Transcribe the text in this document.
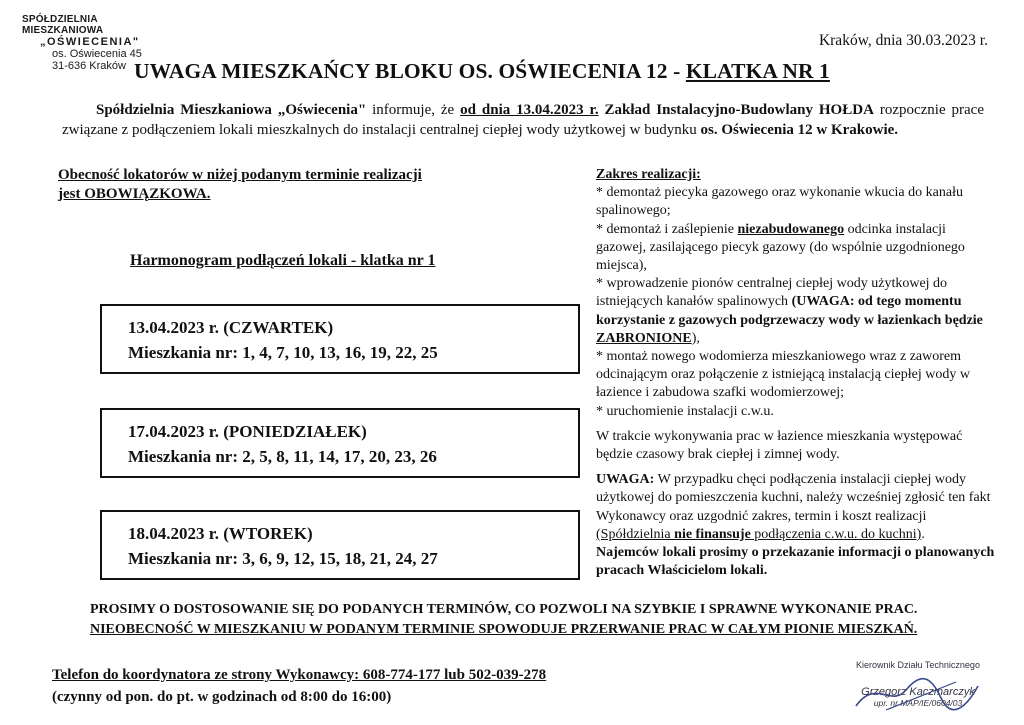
SPÓŁDZIELNIA MIESZKANIOWA
„OŚWIECENIA"
os. Oświecenia 45
31-636 Kraków
Kraków, dnia 30.03.2023 r.
UWAGA MIESZKAŃCY BLOKU OS. OŚWIECENIA 12 - KLATKA NR 1

Spółdzielnia Mieszkaniowa „Oświecenia" informuje, że od dnia 13.04.2023 r. Zakład Instalacyjno-Budowlany HOŁDA rozpocznie prace związane z podłączeniem lokali mieszkalnych do instalacji centralnej ciepłej wody użytkowej w budynku os. Oświecenia 12 w Krakowie.

Obecność lokatorów w niżej podanym terminie realizacji
jest OBOWIĄZKOWA.
Harmonogram podłączeń lokali - klatka nr 1
13.04.2023 r. (CZWARTEK)
Mieszkania nr: 1, 4, 7, 10, 13, 16, 19, 22, 25
17.04.2023 r. (PONIEDZIAŁEK)
Mieszkania nr: 2, 5, 8, 11, 14, 17, 20, 23, 26
18.04.2023 r. (WTOREK)
Mieszkania nr: 3, 6, 9, 12, 15, 18, 21, 24, 27

Zakres realizacji:

* demontaż piecyka gazowego oraz wykonanie wkucia do kanału spalinowego;

* demontaż i zaślepienie niezabudowanego odcinka instalacji gazowej, zasilającego piecyk gazowy (do wspólnie uzgodnionego miejsca),

* wprowadzenie pionów centralnej ciepłej wody użytkowej do istniejących kanałów spalinowych (UWAGA: od tego momentu korzystanie z gazowych podgrzewaczy wody w łazienkach będzie ZABRONIONE),

* montaż nowego wodomierza mieszkaniowego wraz z zaworem odcinającym oraz połączenie z istniejącą instalacją ciepłej wody w łazience i zabudowa szafki wodomierzowej;

* uruchomienie instalacji c.w.u.

W trakcie wykonywania prac w łazience mieszkania występować będzie czasowy brak ciepłej i zimnej wody.

UWAGA: W przypadku chęci podłączenia instalacji ciepłej wody użytkowej do pomieszczenia kuchni, należy wcześniej zgłosić ten fakt Wykonawcy oraz uzgodnić zakres, termin i koszt realizacji (Spółdzielnia nie finansuje podłączenia c.w.u. do kuchni).

Najemców lokali prosimy o przekazanie informacji o planowanych pracach Właścicielom lokali.

PROSIMY O DOSTOSOWANIE SIĘ DO PODANYCH TERMINÓW, CO POZWOLI NA SZYBKIE I SPRAWNE WYKONANIE PRAC.
NIEOBECNOŚĆ W MIESZKANIU W PODANYM TERMINIE SPOWODUJE PRZERWANIE PRAC W CAŁYM PIONIE MIESZKAŃ.
Telefon do koordynatora ze strony Wykonawcy: 608-774-177 lub 502-039-278
(czynny od pon. do pt. w godzinach od 8:00 do 16:00)
Kierownik Działu Technicznego
Grzegorz Kaczmarczyk
upr. nr MAP/IE/0604/03
